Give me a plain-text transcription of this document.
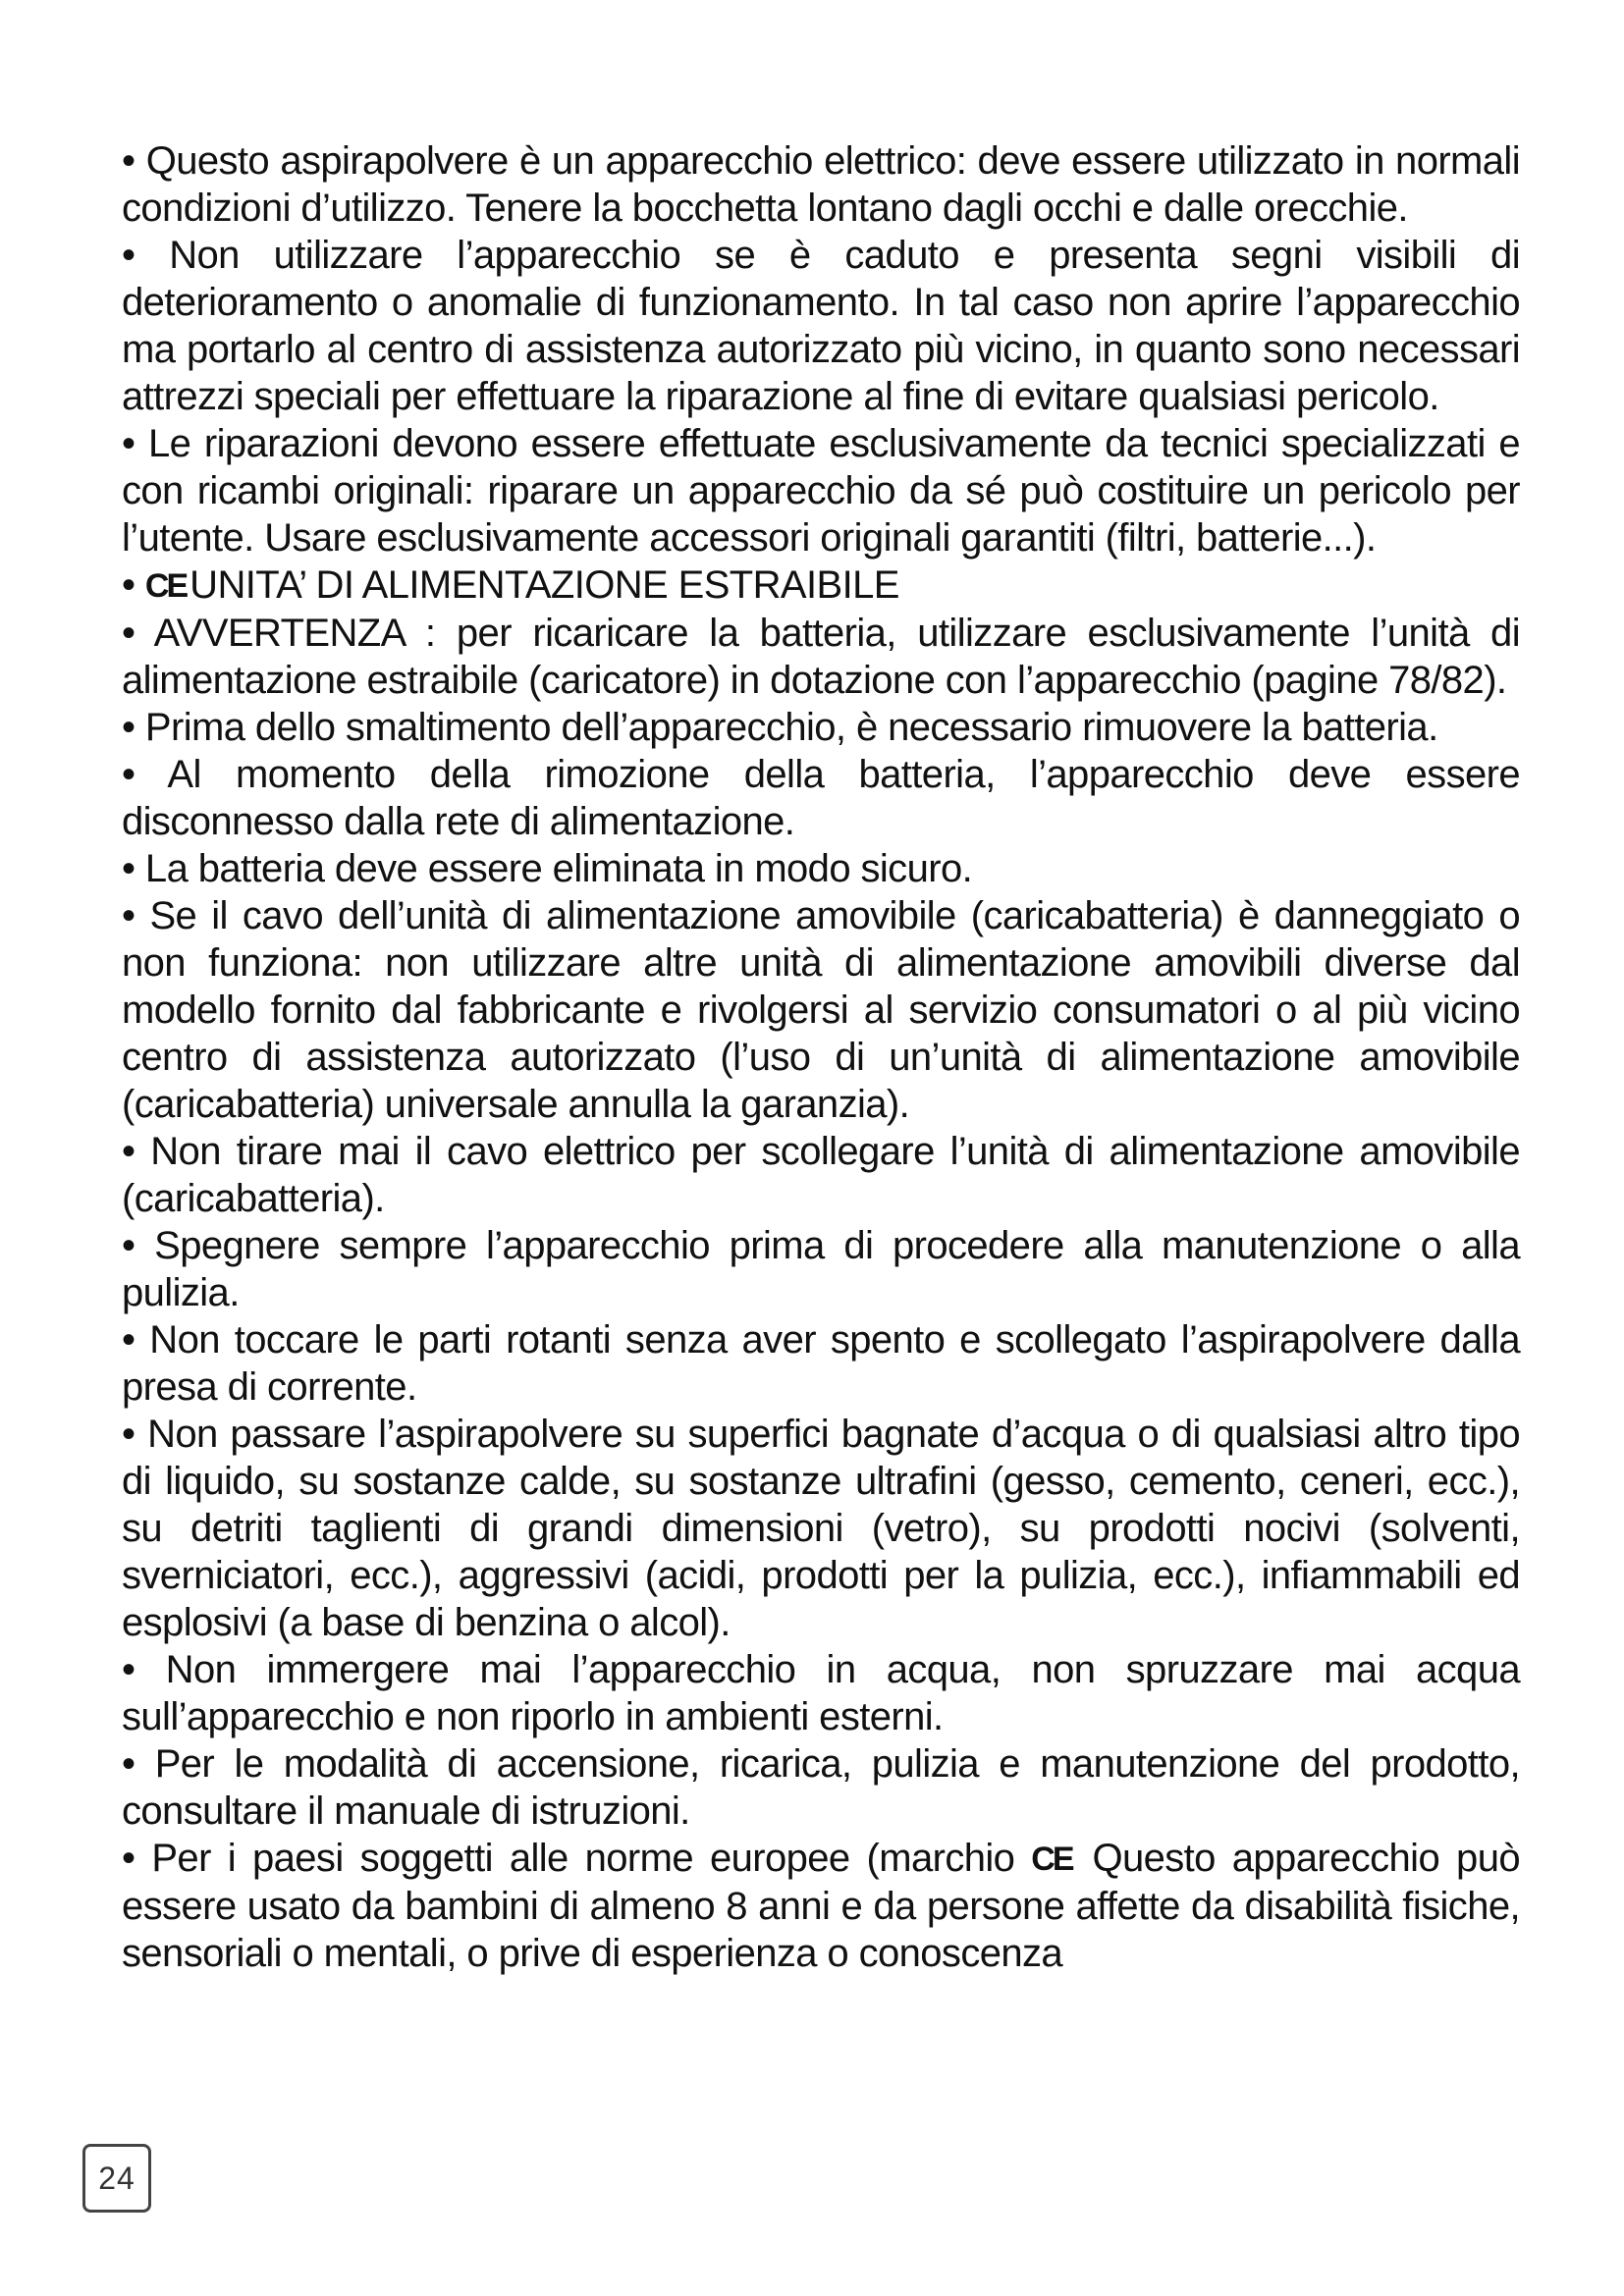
• Questo aspirapolvere è un apparecchio elettrico: deve essere utilizzato in normali condizioni d’utilizzo. Tenere la bocchetta lontano dagli occhi e dalle orecchie.

• Non utilizzare l’apparecchio se è caduto e presenta segni visibili di deterioramento o anomalie di funzionamento. In tal caso non aprire l’apparecchio ma portarlo al centro di assistenza autorizzato più vicino, in quanto sono necessari attrezzi speciali per effettuare la riparazione al fine di evitare qualsiasi pericolo.

• Le riparazioni devono essere effettuate esclusivamente da tecnici specializzati e con ricambi originali: riparare un apparecchio da sé può costituire un pericolo per l’utente. Usare esclusivamente accessori originali garantiti (filtri, batterie...).

• CE UNITA’ DI ALIMENTAZIONE ESTRAIBILE

• AVVERTENZA : per ricaricare la batteria, utilizzare esclusivamente l’unità di alimentazione estraibile (caricatore) in dotazione con l’apparecchio (pagine 78/82).

• Prima dello smaltimento dell’apparecchio, è necessario rimuovere la batteria.

• Al momento della rimozione della batteria, l’apparecchio deve essere disconnesso dalla rete di alimentazione.

• La batteria deve essere eliminata in modo sicuro.

• Se il cavo dell’unità di alimentazione amovibile (caricabatteria) è danneggiato o non funziona: non utilizzare altre unità di alimentazione amovibili diverse dal modello fornito dal fabbricante e rivolgersi al servizio consumatori o al più vicino centro di assistenza autorizzato (l’uso di un’unità di alimentazione amovibile (caricabatteria) universale annulla la garanzia).

• Non tirare mai il cavo elettrico per scollegare l’unità di alimentazione amovibile (caricabatteria).

• Spegnere sempre l’apparecchio prima di procedere alla manutenzione o alla pulizia.

• Non toccare le parti rotanti senza aver spento e scollegato l’aspirapolvere dalla presa di corrente.

• Non passare l’aspirapolvere su superfici bagnate d’acqua o di qualsiasi altro tipo di liquido, su sostanze calde, su sostanze ultrafini (gesso, cemento, ceneri, ecc.), su detriti taglienti di grandi dimensioni (vetro), su prodotti nocivi (solventi, sverniciatori, ecc.), aggressivi (acidi, prodotti per la pulizia, ecc.), infiammabili ed esplosivi (a base di benzina o alcol).

• Non immergere mai l’apparecchio in acqua, non spruzzare mai acqua sull’apparecchio e non riporlo in ambienti esterni.

• Per le modalità di accensione, ricarica, pulizia e manutenzione del prodotto, consultare il manuale di istruzioni.

• Per i paesi soggetti alle norme europee (marchio CE Questo apparecchio può essere usato da bambini di almeno 8 anni e da persone affette da disabilità fisiche, sensoriali o mentali, o prive di esperienza o conoscenza

24
